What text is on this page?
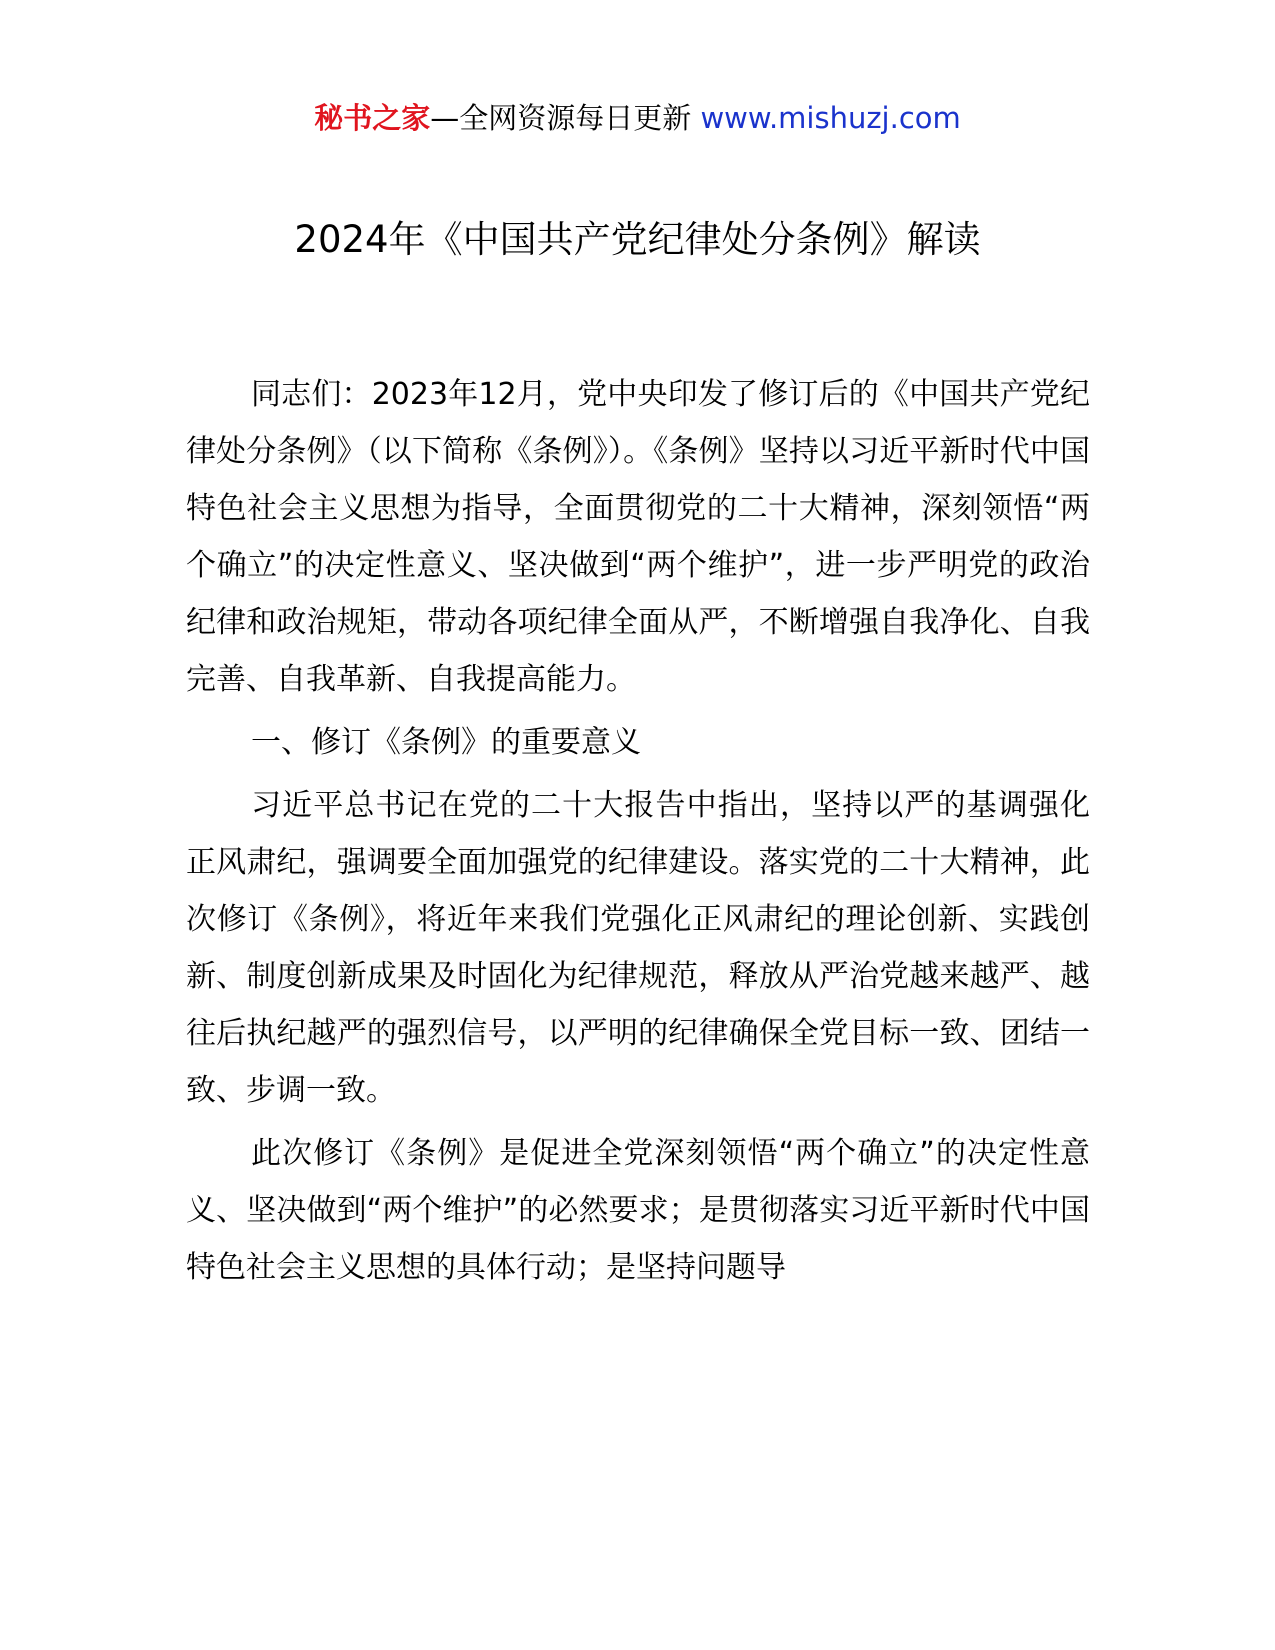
秘书之家—全网资源每日更新 www.mishuzj.com
2024年《中国共产党纪律处分条例》解读

同志们：2023年12月，党中央印发了修订后的《中国共产党纪律处分条例》（以下简称《条例》）。《条例》坚持以习近平新时代中国特色社会主义思想为指导，全面贯彻党的二十大精神，深刻领悟“两个确立”的决定性意义、坚决做到“两个维护”，进一步严明党的政治纪律和政治规矩，带动各项纪律全面从严，不断增强自我净化、自我完善、自我革新、自我提高能力。

一、修订《条例》的重要意义

习近平总书记在党的二十大报告中指出，坚持以严的基调强化正风肃纪，强调要全面加强党的纪律建设。落实党的二十大精神，此次修订《条例》，将近年来我们党强化正风肃纪的理论创新、实践创新、制度创新成果及时固化为纪律规范，释放从严治党越来越严、越往后执纪越严的强烈信号，以严明的纪律确保全党目标一致、团结一致、步调一致。

此次修订《条例》是促进全党深刻领悟“两个确立”的决定性意义、坚决做到“两个维护”的必然要求；是贯彻落实习近平新时代中国特色社会主义思想的具体行动；是坚持问题导
